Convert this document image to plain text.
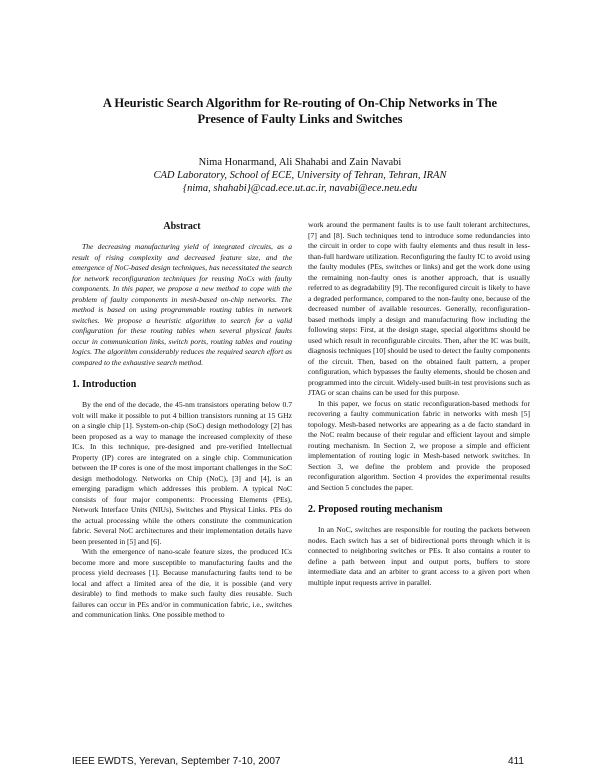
A Heuristic Search Algorithm for Re-routing of On-Chip Networks in The Presence of Faulty Links and Switches
Nima Honarmand, Ali Shahabi and Zain Navabi
CAD Laboratory, School of ECE, University of Tehran, Tehran, IRAN
{nima, shahabi}@cad.ece.ut.ac.ir, navabi@ece.neu.edu
Abstract

The decreasing manufacturing yield of integrated circuits, as a result of rising complexity and decreased feature size, and the emergence of NoC-based design techniques, has necessitated the search for network reconfiguration techniques for reusing NoCs with faulty components. In this paper, we propose a new method to cope with the problem of faulty components in mesh-based on-chip networks. The method is based on using programmable routing tables in network switches. We propose a heuristic algorithm to search for a valid configuration for these routing tables when several physical faults occur in communication links, switch ports, routing tables and routing logics. The algorithm considerably reduces the required search effort as compared to the exhaustive search method.

1. Introduction

By the end of the decade, the 45-nm transistors operating below 0.7 volt will make it possible to put 4 billion transistors running at 15 GHz on a single chip [1]. System-on-chip (SoC) design methodology [2] has been proposed as a way to manage the increased complexity of these ICs. In this technique, pre-designed and pre-verified Intellectual Property (IP) cores are integrated on a single chip. Communication between the IP cores is one of the most important challenges in the SoC design methodology. Networks on Chip (NoC), [3] and [4], is an emerging paradigm which addresses this problem. A typical NoC consists of four major components: Processing Elements (PEs), Network Interface Units (NIUs), Switches and Physical Links. PEs do the actual processing while the others constitute the communication fabric. Several NoC architectures and their implementation details have been presented in [5] and [6].

With the emergence of nano-scale feature sizes, the produced ICs become more and more susceptible to manufacturing faults and the process yield decreases [1]. Because manufacturing faults tend to be local and affect a limited area of the die, it is possible (and very desirable) to find methods to make such faulty dies reusable. Such failures can occur in PEs and/or in communication fabric, i.e., switches and communication links. One possible method to

work around the permanent faults is to use fault tolerant architectures, [7] and [8]. Such techniques tend to introduce some redundancies into the circuit in order to cope with faulty elements and thus result in less-than-full hardware utilization. Reconfiguring the faulty IC to avoid using the faulty modules (PEs, switches or links) and get the work done using the remaining non-faulty ones is another approach, that is usually referred to as degradability [9]. The reconfigured circuit is likely to have a degraded performance, compared to the non-faulty one, because of the decreased number of available resources. Generally, reconfiguration-based methods imply a design and manufacturing flow including the following steps: First, at the design stage, special algorithms should be used which result in reconfigurable circuits. Then, after the IC was built, diagnosis techniques [10] should be used to detect the faulty components of the circuit. Then, based on the obtained fault pattern, a proper configuration, which bypasses the faulty elements, should be chosen and programmed into the circuit. Widely-used built-in test provisions such as JTAG or scan chains can be used for this purpose.

In this paper, we focus on static reconfiguration-based methods for recovering a faulty communication fabric in networks with mesh [5] topology. Mesh-based networks are appearing as a de facto standard in the NoC realm because of their regular and efficient layout and simple routing mechanism. In Section 2, we propose a simple and efficient implementation of routing logic in Mesh-based network switches. In Section 3, we define the problem and provide the proposed reconfiguration algorithm. Section 4 provides the experimental results and Section 5 concludes the paper.

2. Proposed routing mechanism

In an NoC, switches are responsible for routing the packets between nodes. Each switch has a set of bidirectional ports through which it is connected to neighboring switches or PEs. It also contains a router to define a path between input and output ports, buffers to store intermediate data and an arbiter to grant access to a given port when multiple input requests arrive in parallel.

IEEE EWDTS, Yerevan, September 7-10, 2007	411
